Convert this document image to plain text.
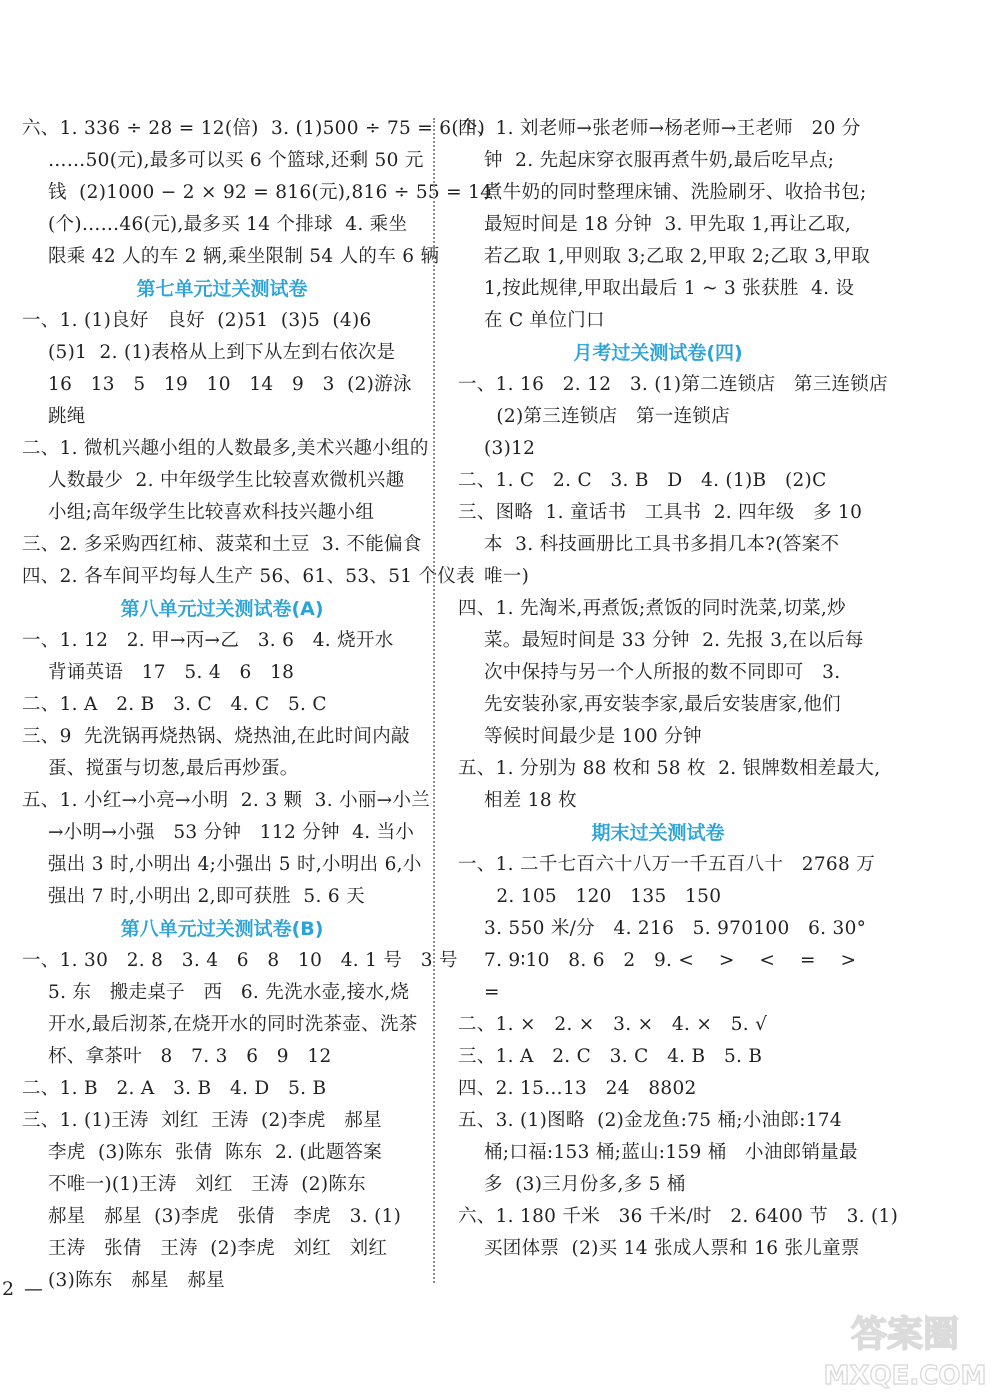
六、1. 336 ÷ 28 = 12(倍)  3. (1)500 ÷ 75 = 6(个)
……50(元),最多可以买 6 个篮球,还剩 50 元
钱  (2)1000 − 2 × 92 = 816(元),816 ÷ 55 = 14
(个)……46(元),最多买 14 个排球  4. 乘坐
限乘 42 人的车 2 辆,乘坐限制 54 人的车 6 辆
第七单元过关测试卷
一、1. (1)良好   良好  (2)51  (3)5  (4)6
(5)1  2. (1)表格从上到下从左到右依次是
16   13   5   19   10   14   9   3  (2)游泳
跳绳
二、1. 微机兴趣小组的人数最多,美术兴趣小组的
人数最少  2. 中年级学生比较喜欢微机兴趣
小组;高年级学生比较喜欢科技兴趣小组
三、2. 多采购西红柿、菠菜和土豆  3. 不能偏食
四、2. 各车间平均每人生产 56、61、53、51 个仪表
第八单元过关测试卷(A)
一、1. 12   2. 甲→丙→乙   3. 6   4. 烧开水
背诵英语   17   5. 4   6   18
二、1. A   2. B   3. C   4. C   5. C
三、9  先洗锅再烧热锅、烧热油,在此时间内敲
蛋、搅蛋与切葱,最后再炒蛋。
五、1. 小红→小亮→小明  2. 3 颗  3. 小丽→小兰
→小明→小强   53 分钟   112 分钟  4. 当小
强出 3 时,小明出 4;小强出 5 时,小明出 6,小
强出 7 时,小明出 2,即可获胜  5. 6 天
第八单元过关测试卷(B)
一、1. 30   2. 8   3. 4   6   8   10   4. 1 号   3 号
5. 东   搬走桌子   西   6. 先洗水壶,接水,烧
开水,最后沏茶,在烧开水的同时洗茶壶、洗茶
杯、拿茶叶   8   7. 3   6   9   12
二、1. B   2. A   3. B   4. D   5. B
三、1. (1)王涛  刘红  王涛  (2)李虎   郝星
李虎  (3)陈东  张倩  陈东  2. (此题答案
不唯一)(1)王涛   刘红   王涛  (2)陈东
郝星   郝星  (3)李虎   张倩   李虎   3. (1)
王涛   张倩   王涛  (2)李虎   刘红   刘红
(3)陈东   郝星   郝星
四、1. 刘老师→张老师→杨老师→王老师   20 分
钟  2. 先起床穿衣服再煮牛奶,最后吃早点;
煮牛奶的同时整理床铺、洗脸刷牙、收拾书包;
最短时间是 18 分钟  3. 甲先取 1,再让乙取,
若乙取 1,甲则取 3;乙取 2,甲取 2;乙取 3,甲取
1,按此规律,甲取出最后 1 ~ 3 张获胜  4. 设
在 C 单位门口
月考过关测试卷(四)
一、1. 16   2. 12   3. (1)第二连锁店   第三连锁店
(2)第三连锁店   第一连锁店
(3)12
二、1. C   2. C   3. B   D   4. (1)B   (2)C
三、图略  1. 童话书   工具书  2. 四年级   多 10
本  3. 科技画册比工具书多捐几本?(答案不
唯一)
四、1. 先淘米,再煮饭;煮饭的同时洗菜,切菜,炒
菜。最短时间是 33 分钟  2. 先报 3,在以后每
次中保持与另一个人所报的数不同即可   3.
先安装孙家,再安装李家,最后安装唐家,他们
等候时间最少是 100 分钟
五、1. 分别为 88 枚和 58 枚  2. 银牌数相差最大,
相差 18 枚
期末过关测试卷
一、1. 二千七百六十八万一千五百八十   2768 万
2. 105   120   135   150
3. 550 米/分   4. 216   5. 970100   6. 30°
7. 9∶10   8. 6   2   9. <    >    <    =    >
=
二、1. ×   2. ×   3. ×   4. ×   5. √
三、1. A   2. C   3. C   4. B   5. B
四、2. 15…13   24   8802
五、3. (1)图略  (2)金龙鱼:75 桶;小油郎:174
桶;口福:153 桶;蓝山:159 桶   小油郎销量最
多  (3)三月份多,多 5 桶
六、1. 180 千米   36 千米/时   2. 6400 节   3. (1)
买团体票  (2)买 14 张成人票和 16 张儿童票
2 —
答案圈
MXQE.COM
